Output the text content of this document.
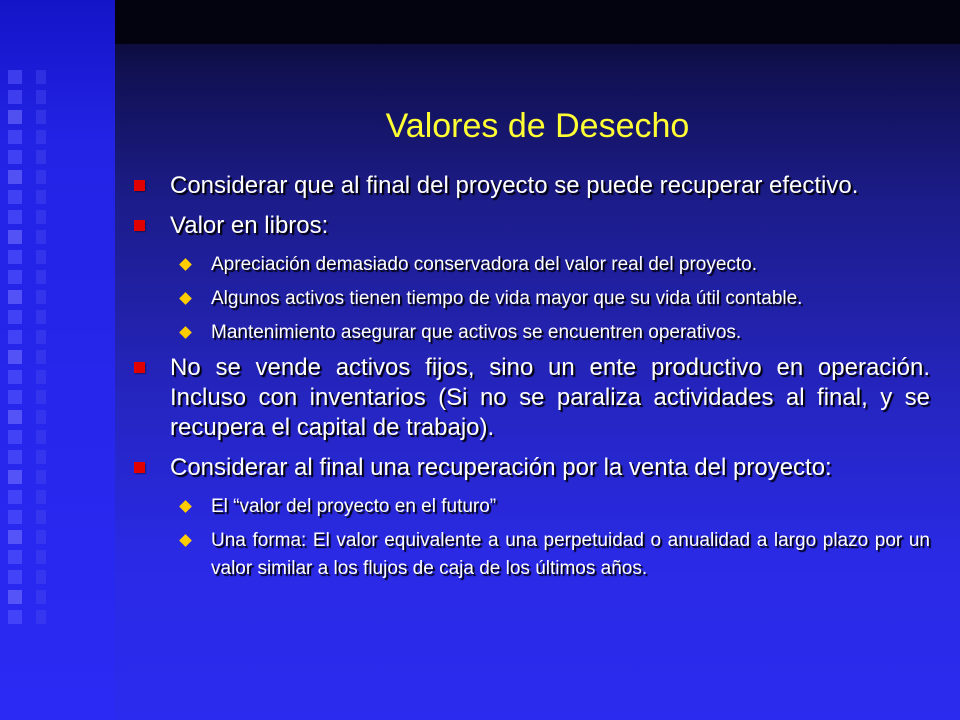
Valores de Desecho
Considerar que al final del proyecto se puede recuperar efectivo.
Valor en libros:
Apreciación demasiado conservadora del valor real del proyecto.
Algunos activos tienen tiempo de vida mayor que su vida útil contable.
Mantenimiento asegurar que activos se encuentren operativos.
No se vende activos fijos, sino un ente productivo en operación. Incluso con inventarios (Si no se paraliza actividades al final, y se recupera el capital de trabajo).
Considerar al final una recuperación por la venta del proyecto:
El “valor del proyecto en el futuro”
Una forma: El valor equivalente a una perpetuidad o anualidad a largo plazo por un valor similar a los flujos de caja de los últimos años.
